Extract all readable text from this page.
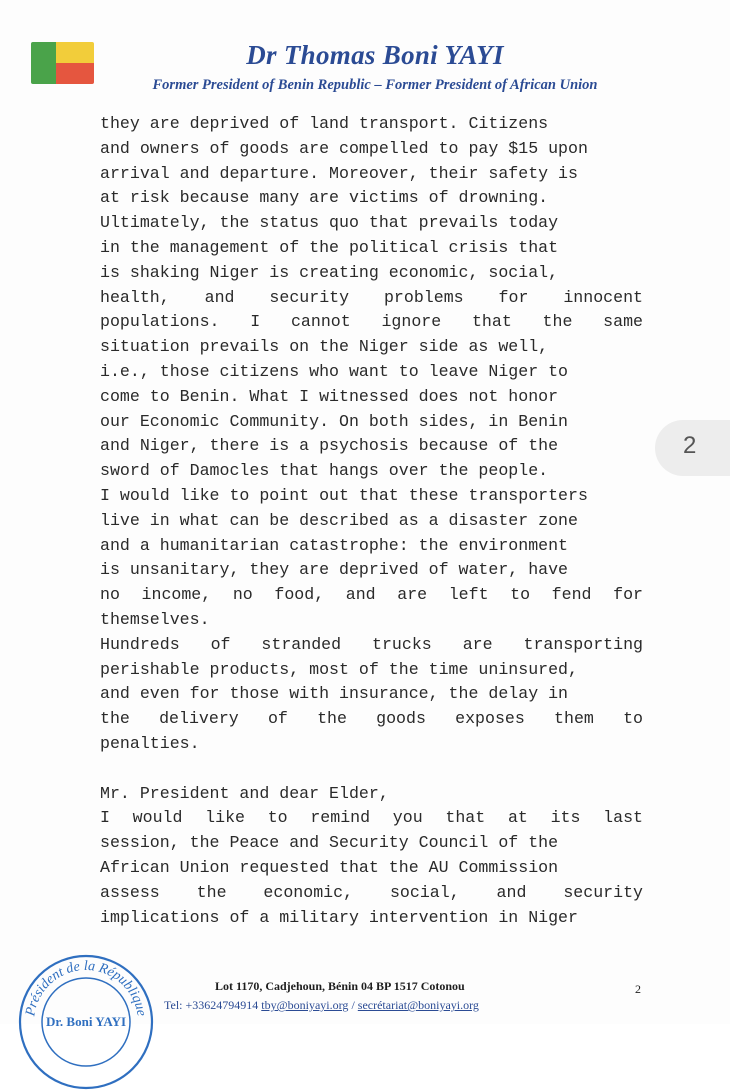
Dr Thomas Boni YAYI
Former President of Benin Republic – Former President of African Union
they are deprived of land transport. Citizens
and owners of goods are compelled to pay $15 upon
arrival and departure. Moreover, their safety is
at risk because many are victims of drowning.
Ultimately, the status quo that prevails today
in the management of the political crisis that
is shaking Niger is creating economic, social,
health, and security problems for innocent
populations. I cannot ignore that the same
situation prevails on the Niger side as well,
i.e., those citizens who want to leave Niger to
come to Benin. What I witnessed does not honor
our Economic Community. On both sides, in Benin
and Niger, there is a psychosis because of the
sword of Damocles that hangs over the people.
I would like to point out that these transporters
live in what can be described as a disaster zone
and a humanitarian catastrophe: the environment
is unsanitary, they are deprived of water, have
no income, no food, and are left to fend for
themselves.
Hundreds of stranded trucks are transporting
perishable products, most of the time uninsured,
and even for those with insurance, the delay in
the delivery of the goods exposes them to
penalties.
Mr. President and dear Elder,
I would like to remind you that at its last
session, the Peace and Security Council of the
African Union requested that the AU Commission
assess the economic, social, and security
implications of a military intervention in Niger
2
Président de la République
Dr. Boni YAYI
Lot 1170, Cadjehoun, Bénin 04 BP 1517 Cotonou
Tel: +33624794914 tby@boniyayi.org / secrétariat@boniyayi.org
2
